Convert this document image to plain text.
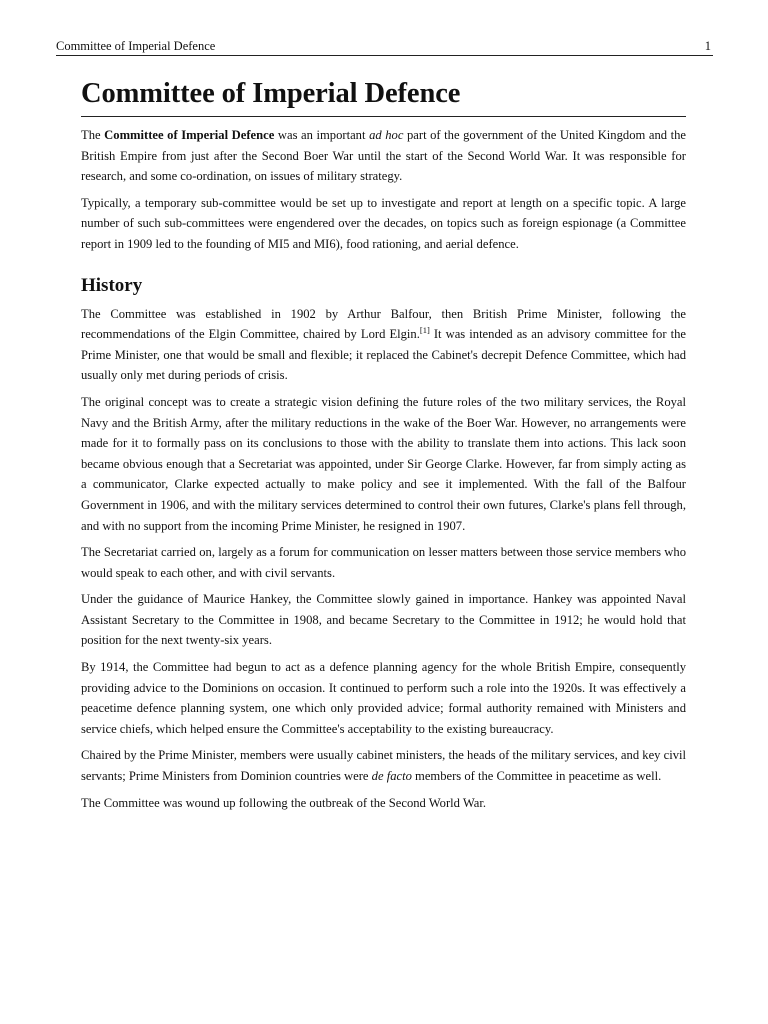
Committee of Imperial Defence	1
Committee of Imperial Defence

The Committee of Imperial Defence was an important ad hoc part of the government of the United Kingdom and the British Empire from just after the Second Boer War until the start of the Second World War. It was responsible for research, and some co-ordination, on issues of military strategy.

Typically, a temporary sub-committee would be set up to investigate and report at length on a specific topic. A large number of such sub-committees were engendered over the decades, on topics such as foreign espionage (a Committee report in 1909 led to the founding of MI5 and MI6), food rationing, and aerial defence.

History

The Committee was established in 1902 by Arthur Balfour, then British Prime Minister, following the recommendations of the Elgin Committee, chaired by Lord Elgin.[1] It was intended as an advisory committee for the Prime Minister, one that would be small and flexible; it replaced the Cabinet's decrepit Defence Committee, which had usually only met during periods of crisis.

The original concept was to create a strategic vision defining the future roles of the two military services, the Royal Navy and the British Army, after the military reductions in the wake of the Boer War. However, no arrangements were made for it to formally pass on its conclusions to those with the ability to translate them into actions. This lack soon became obvious enough that a Secretariat was appointed, under Sir George Clarke. However, far from simply acting as a communicator, Clarke expected actually to make policy and see it implemented. With the fall of the Balfour Government in 1906, and with the military services determined to control their own futures, Clarke's plans fell through, and with no support from the incoming Prime Minister, he resigned in 1907.

The Secretariat carried on, largely as a forum for communication on lesser matters between those service members who would speak to each other, and with civil servants.

Under the guidance of Maurice Hankey, the Committee slowly gained in importance. Hankey was appointed Naval Assistant Secretary to the Committee in 1908, and became Secretary to the Committee in 1912; he would hold that position for the next twenty-six years.

By 1914, the Committee had begun to act as a defence planning agency for the whole British Empire, consequently providing advice to the Dominions on occasion. It continued to perform such a role into the 1920s. It was effectively a peacetime defence planning system, one which only provided advice; formal authority remained with Ministers and service chiefs, which helped ensure the Committee's acceptability to the existing bureaucracy.

Chaired by the Prime Minister, members were usually cabinet ministers, the heads of the military services, and key civil servants; Prime Ministers from Dominion countries were de facto members of the Committee in peacetime as well.

The Committee was wound up following the outbreak of the Second World War.
